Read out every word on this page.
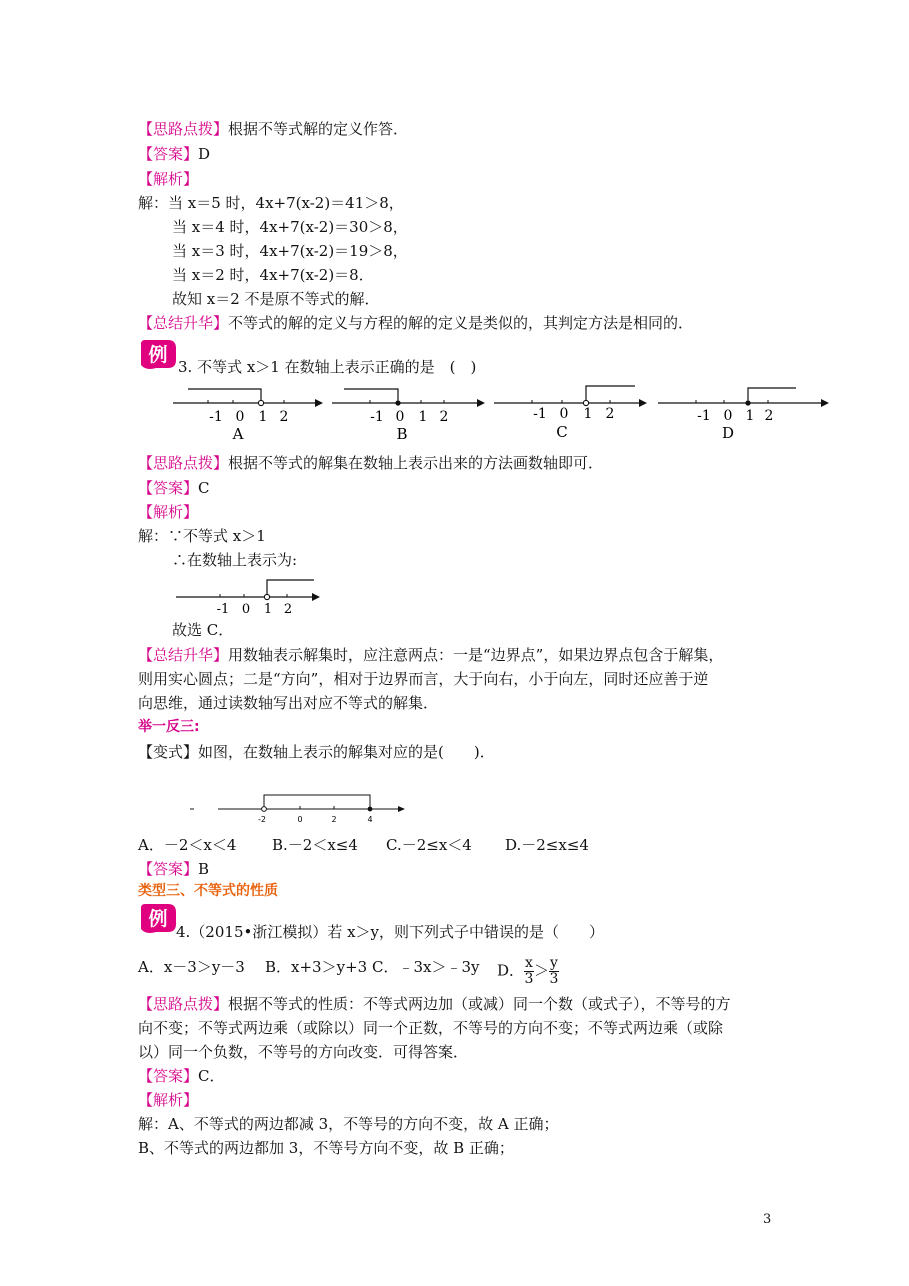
【思路点拨】根据不等式解的定义作答．
【答案】D
【解析】
解：当 x＝5 时，4x+7(x-2)＝41＞8，
当 x＝4 时，4x+7(x-2)＝30＞8，
当 x＝3 时，4x+7(x-2)＝19＞8，
当 x＝2 时，4x+7(x-2)＝8．
故知 x＝2 不是原不等式的解．
【总结升华】不等式的解的定义与方程的解的定义是类似的，其判定方法是相同的．
例
3. 不等式 x＞1 在数轴上表示正确的是　(　)
-1 0 1 2
A
-1 0 1 2
B
-1 0 1 2
C
-1 0 1 2
D
【思路点拨】根据不等式的解集在数轴上表示出来的方法画数轴即可．
【答案】C
【解析】
解：∵不等式 x＞1
∴在数轴上表示为:
-1 0 1 2
故选 C．
【总结升华】用数轴表示解集时，应注意两点：一是“边界点”，如果边界点包含于解集，
则用实心圆点；二是“方向”，相对于边界而言，大于向右，小于向左，同时还应善于逆
向思维，通过读数轴写出对应不等式的解集．
举一反三:
【变式】如图，在数轴上表示的解集对应的是(　　)．
-2	0	2	4
A．－2＜x＜4 B.－2＜x≤4 C.－2≤x＜4 D.－2≤x≤4
【答案】B
类型三、不等式的性质
例
4.（2015•浙江模拟）若 x＞y，则下列式子中错误的是（　　）
A．x－3＞y－3 B．x+3＞y+3 C．﹣3x＞﹣3y D． $\frac{x}{3} > \frac{y}{3}$
【思路点拨】根据不等式的性质：不等式两边加（或减）同一个数（或式子），不等号的方
向不变；不等式两边乘（或除以）同一个正数，不等号的方向不变；不等式两边乘（或除
以）同一个负数，不等号的方向改变．可得答案．
【答案】C．
【解析】
解：A、不等式的两边都减 3，不等号的方向不变，故 A 正确；
B、不等式的两边都加 3，不等号方向不变，故 B 正确；
3
